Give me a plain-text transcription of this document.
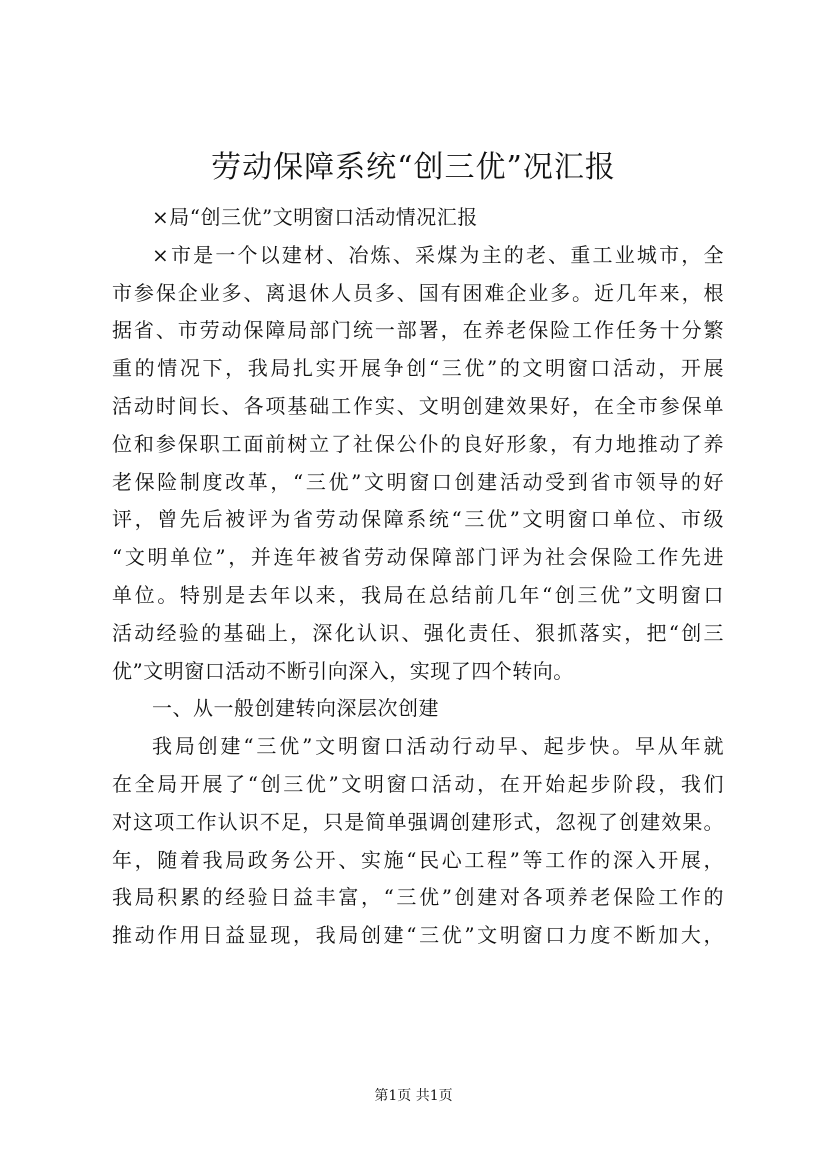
劳动保障系统“创三优”况汇报
×局“创三优”文明窗口活动情况汇报
×市是一个以建材、冶炼、采煤为主的老、重工业城市，全
市参保企业多、离退休人员多、国有困难企业多。近几年来，根
据省、市劳动保障局部门统一部署，在养老保险工作任务十分繁
重的情况下，我局扎实开展争创“三优”的文明窗口活动，开展
活动时间长、各项基础工作实、文明创建效果好，在全市参保单
位和参保职工面前树立了社保公仆的良好形象，有力地推动了养
老保险制度改革，“三优”文明窗口创建活动受到省市领导的好
评，曾先后被评为省劳动保障系统“三优”文明窗口单位、市级
“文明单位”，并连年被省劳动保障部门评为社会保险工作先进
单位。特别是去年以来，我局在总结前几年“创三优”文明窗口
活动经验的基础上，深化认识、强化责任、狠抓落实，把“创三
优”文明窗口活动不断引向深入，实现了四个转向。
一、从一般创建转向深层次创建
我局创建“三优”文明窗口活动行动早、起步快。早从年就
在全局开展了“创三优”文明窗口活动，在开始起步阶段，我们
对这项工作认识不足，只是简单强调创建形式，忽视了创建效果。
年，随着我局政务公开、实施“民心工程”等工作的深入开展，
我局积累的经验日益丰富，“三优”创建对各项养老保险工作的
推动作用日益显现，我局创建“三优”文明窗口力度不断加大，
第1页 共1页
